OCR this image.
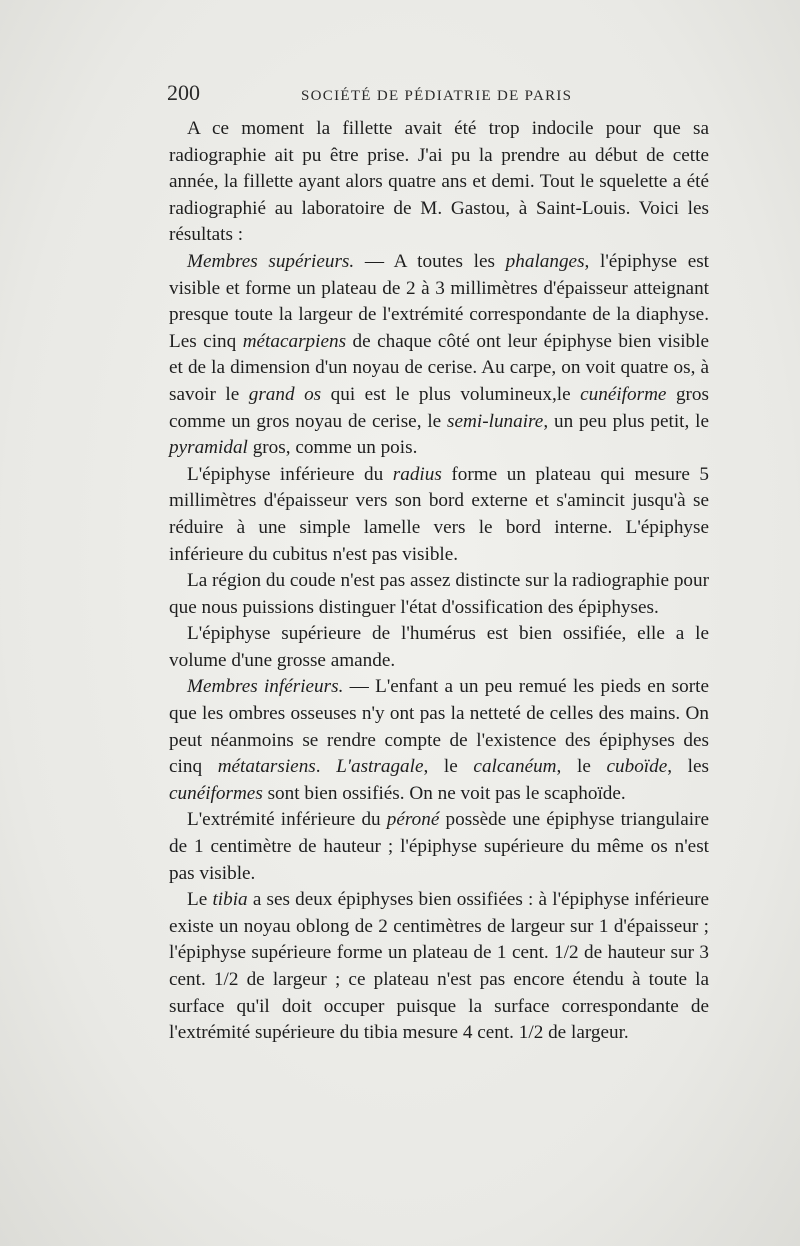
200	SOCIÉTÉ DE PÉDIATRIE DE PARIS

A ce moment la fillette avait été trop indocile pour que sa radiographie ait pu être prise. J'ai pu la prendre au début de cette année, la fillette ayant alors quatre ans et demi. Tout le squelette a été radiographié au laboratoire de M. Gastou, à Saint-Louis. Voici les résultats :

Membres supérieurs. — A toutes les phalanges, l'épiphyse est visible et forme un plateau de 2 à 3 millimètres d'épaisseur atteignant presque toute la largeur de l'extrémité correspondante de la diaphyse. Les cinq métacarpiens de chaque côté ont leur épiphyse bien visible et de la dimension d'un noyau de cerise. Au carpe, on voit quatre os, à savoir le grand os qui est le plus volumineux,le cunéiforme gros comme un gros noyau de cerise, le semi-lunaire, un peu plus petit, le pyramidal gros, comme un pois.

L'épiphyse inférieure du radius forme un plateau qui mesure 5 millimètres d'épaisseur vers son bord externe et s'amincit jusqu'à se réduire à une simple lamelle vers le bord interne. L'épiphyse inférieure du cubitus n'est pas visible.

La région du coude n'est pas assez distincte sur la radiographie pour que nous puissions distinguer l'état d'ossification des épiphyses.

L'épiphyse supérieure de l'humérus est bien ossifiée, elle a le volume d'une grosse amande.

Membres inférieurs. — L'enfant a un peu remué les pieds en sorte que les ombres osseuses n'y ont pas la netteté de celles des mains. On peut néanmoins se rendre compte de l'existence des épiphyses des cinq métatarsiens. L'astragale, le calcanéum, le cuboïde, les cunéiformes sont bien ossifiés. On ne voit pas le scaphoïde.

L'extrémité inférieure du péroné possède une épiphyse triangulaire de 1 centimètre de hauteur ; l'épiphyse supérieure du même os n'est pas visible.

Le tibia a ses deux épiphyses bien ossifiées : à l'épiphyse inférieure existe un noyau oblong de 2 centimètres de largeur sur 1 d'épaisseur ; l'épiphyse supérieure forme un plateau de 1 cent. 1/2 de hauteur sur 3 cent. 1/2 de largeur ; ce plateau n'est pas encore étendu à toute la surface qu'il doit occuper puisque la surface correspondante de l'extrémité supérieure du tibia mesure 4 cent. 1/2 de largeur.
